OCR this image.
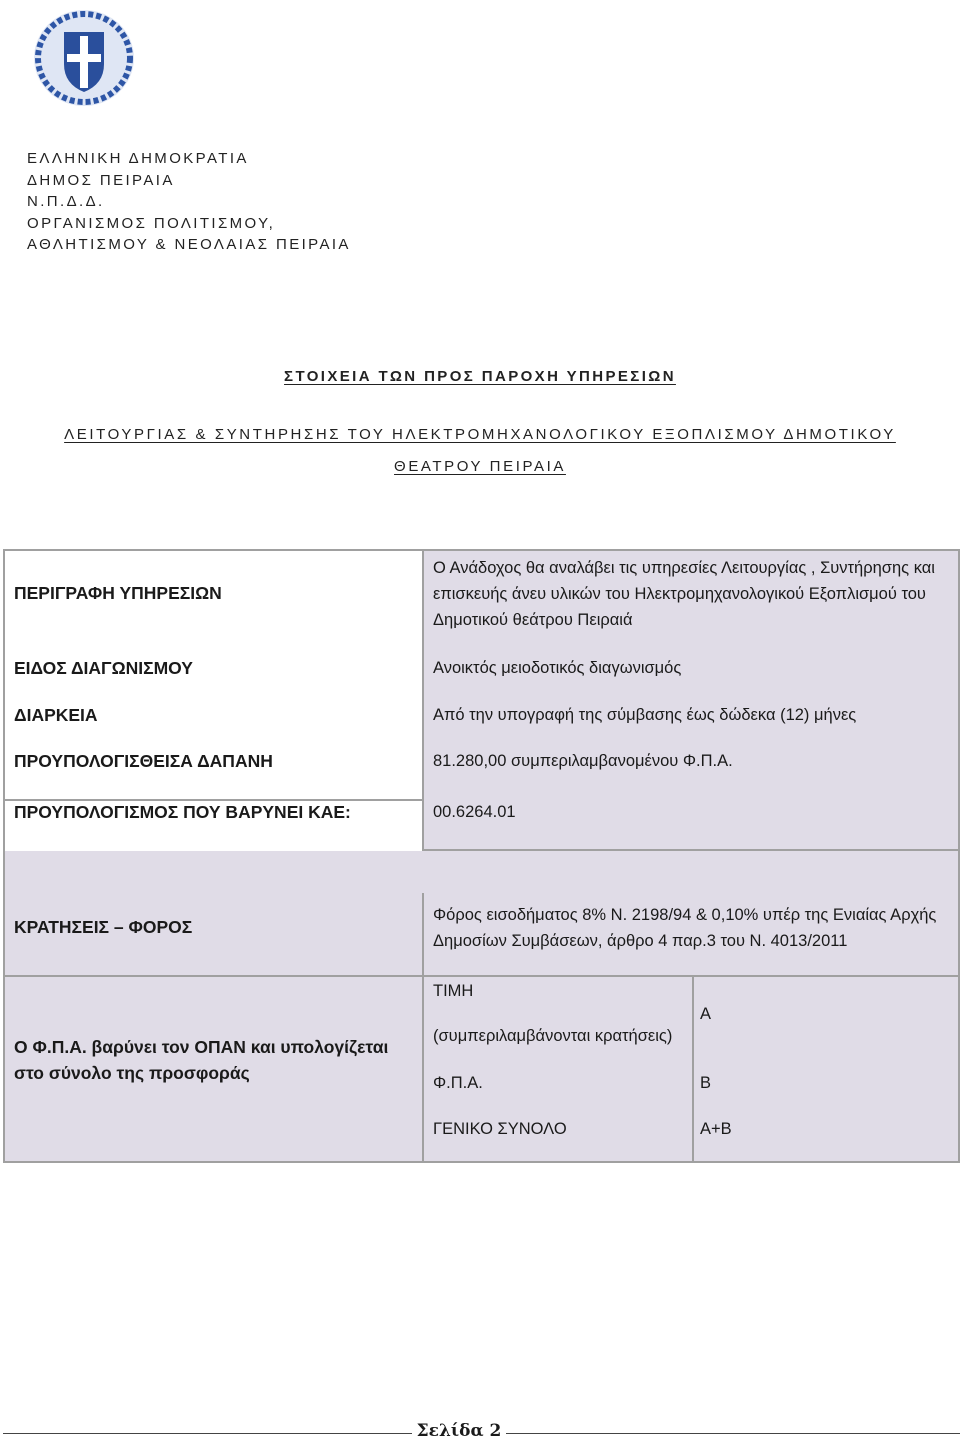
ΕΛΛΗΝΙΚΗ ΔΗΜΟΚΡΑΤΙΑ
ΔΗΜΟΣ ΠΕΙΡΑΙΑ
Ν.Π.Δ.Δ.
ΟΡΓΑΝΙΣΜΟΣ ΠΟΛΙΤΙΣΜΟΥ,
ΑΘΛΗΤΙΣΜΟΥ & ΝΕΟΛΑΙΑΣ ΠΕΙΡΑΙΑ
ΣΤΟΙΧΕΙΑ ΤΩΝ ΠΡΟΣ ΠΑΡΟΧΗ ΥΠΗΡΕΣΙΩΝ
ΛΕΙΤΟΥΡΓΙΑΣ & ΣΥΝΤΗΡΗΣΗΣ ΤΟΥ ΗΛΕΚΤΡΟΜΗΧΑΝΟΛΟΓΙΚΟΥ ΕΞΟΠΛΙΣΜΟΥ ΔΗΜΟΤΙΚΟΥ
ΘΕΑΤΡΟΥ ΠΕΙΡΑΙΑ
ΠΕΡΙΓΡΑΦΗ ΥΠΗΡΕΣΙΩΝ
ΕΙΔΟΣ ΔΙΑΓΩΝΙΣΜΟΥ
ΔΙΑΡΚΕΙΑ
ΠΡΟΥΠΟΛΟΓΙΣΘΕΙΣΑ ΔΑΠΑΝΗ
ΠΡΟΥΠΟΛΟΓΙΣΜΟΣ ΠΟΥ ΒΑΡΥΝΕΙ ΚΑΕ:
ΚΡΑΤΗΣΕΙΣ – ΦΟΡΟΣ
Ο Φ.Π.Α. βαρύνει τον ΟΠΑΝ και υπολογίζεται στο σύνολο της προσφοράς
Ο Ανάδοχος θα αναλάβει τις υπηρεσίες Λειτουργίας , Συντήρησης και επισκευής άνευ υλικών του Ηλεκτρομηχανολογικού Εξοπλισμού του Δημοτικού θεάτρου Πειραιά
Ανοικτός μειοδοτικός διαγωνισμός
Από την υπογραφή της σύμβασης έως δώδεκα (12) μήνες
81.280,00 συμπεριλαμβανομένου Φ.Π.Α.
00.6264.01
Φόρος εισοδήματος 8% Ν. 2198/94 & 0,10% υπέρ της Ενιαίας Αρχής Δημοσίων Συμβάσεων, άρθρο 4 παρ.3 του Ν. 4013/2011
ΤΙΜΗ
(συμπεριλαμβάνονται κρατήσεις)
Α
Φ.Π.Α.	Β
ΓΕΝΙΚΟ ΣΥΝΟΛΟ	Α+Β
Σελίδα 2
